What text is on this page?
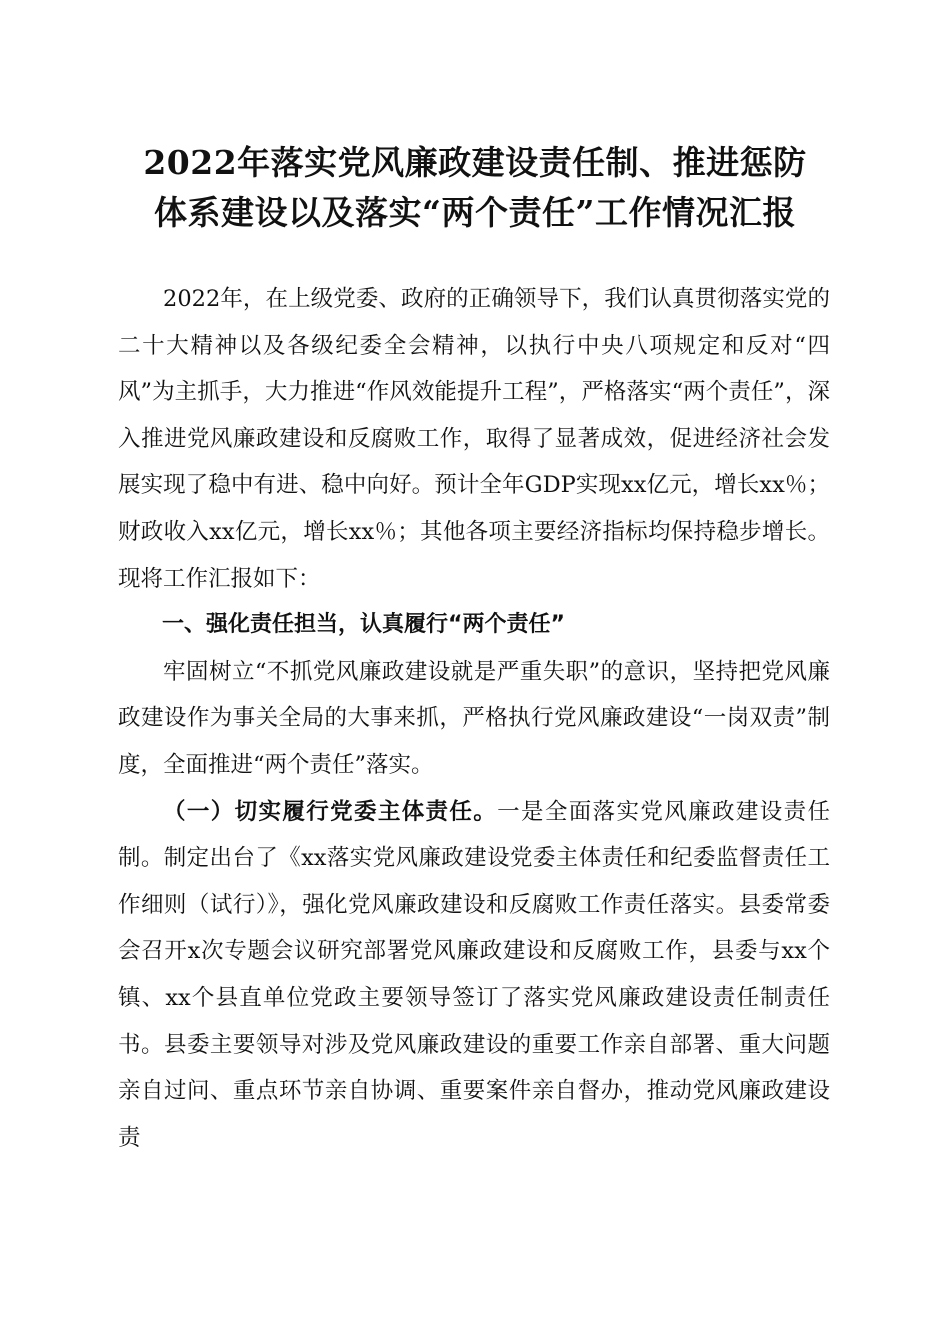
2022年落实党风廉政建设责任制、推进惩防
体系建设以及落实“两个责任”工作情况汇报

2022年，在上级党委、政府的正确领导下，我们认真贯彻落实党的二十大精神以及各级纪委全会精神，以执行中央八项规定和反对“四风”为主抓手，大力推进“作风效能提升工程”，严格落实“两个责任”，深入推进党风廉政建设和反腐败工作，取得了显著成效，促进经济社会发展实现了稳中有进、稳中向好。预计全年GDP实现xx亿元，增长xx％；财政收入xx亿元，增长xx％；其他各项主要经济指标均保持稳步增长。现将工作汇报如下：

一、强化责任担当，认真履行“两个责任”

牢固树立“不抓党风廉政建设就是严重失职”的意识，坚持把党风廉政建设作为事关全局的大事来抓，严格执行党风廉政建设“一岗双责”制度，全面推进“两个责任”落实。

（一）切实履行党委主体责任。一是全面落实党风廉政建设责任制。制定出台了《xx落实党风廉政建设党委主体责任和纪委监督责任工作细则（试行）》，强化党风廉政建设和反腐败工作责任落实。县委常委会召开x次专题会议研究部署党风廉政建设和反腐败工作，县委与xx个镇、xx个县直单位党政主要领导签订了落实党风廉政建设责任制责任书。县委主要领导对涉及党风廉政建设的重要工作亲自部署、重大问题亲自过问、重点环节亲自协调、重要案件亲自督办，推动党风廉政建设责
